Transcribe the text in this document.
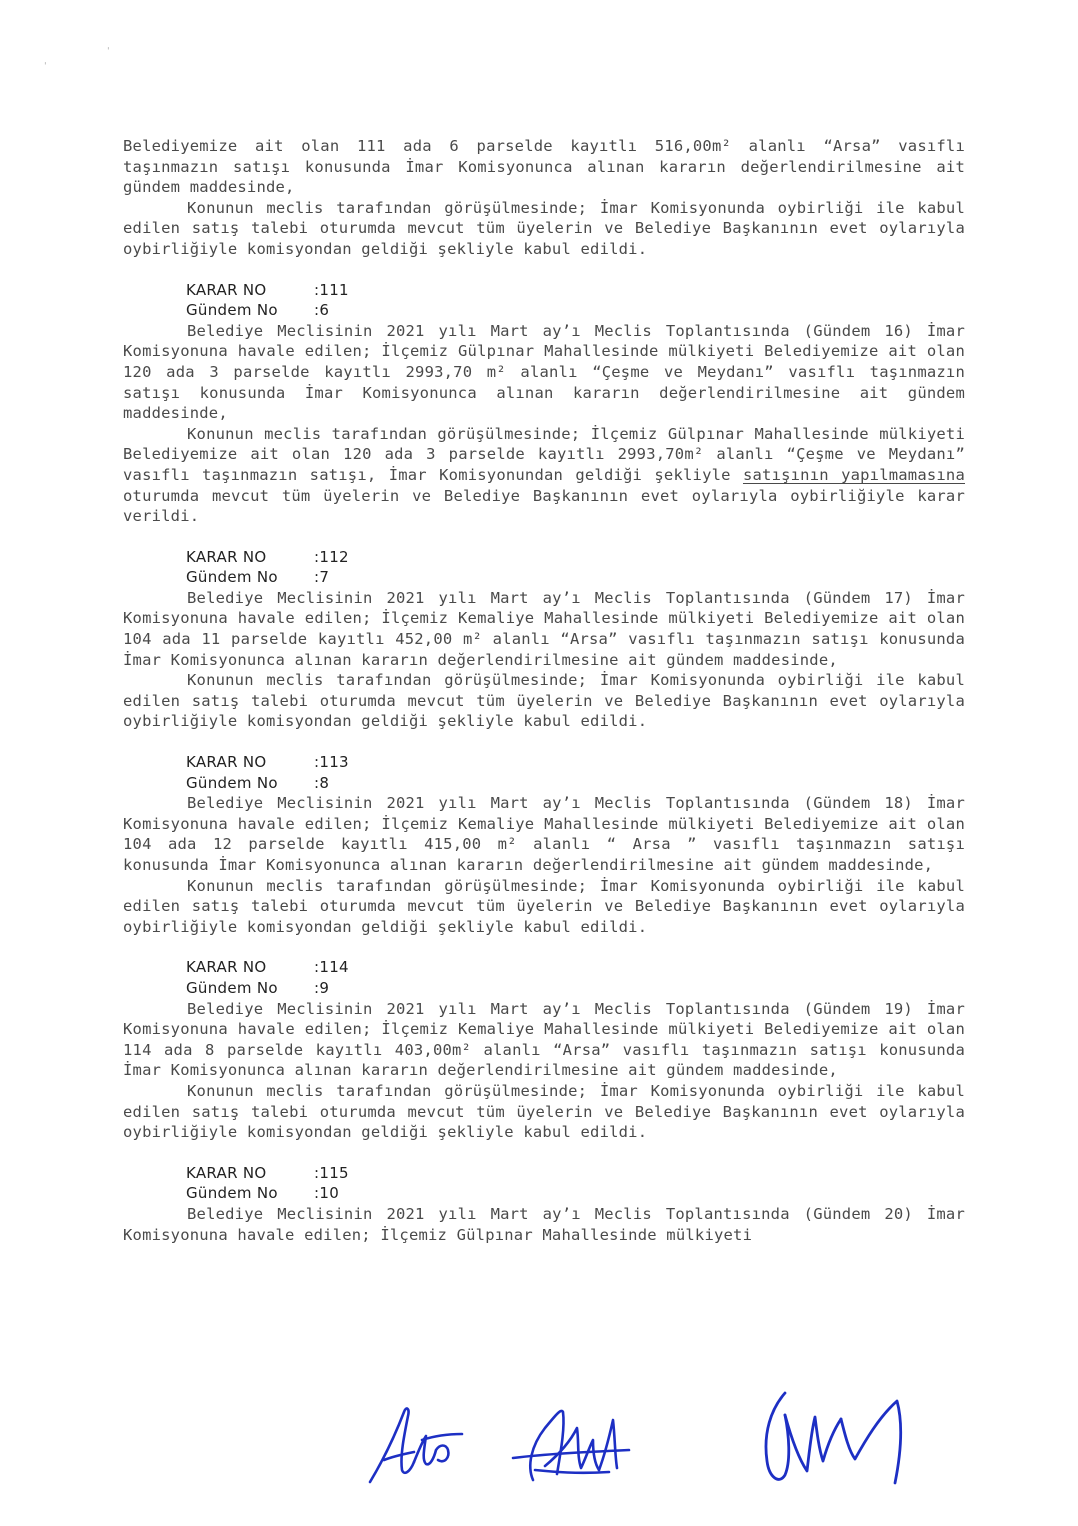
ˈ
ˈ

Belediyemize ait olan 111 ada 6 parselde kayıtlı 516,00m² alanlı “Arsa” vasıflı taşınmazın satışı konusunda İmar Komisyonunca alınan kararın değerlendirilmesine ait gündem maddesinde,

Konunun meclis tarafından görüşülmesinde; İmar Komisyonunda oybirliği ile kabul edilen satış talebi oturumda mevcut tüm üyelerin ve Belediye Başkanının evet oylarıyla oybirliğiyle komisyondan geldiği şekliyle kabul edildi.

KARAR NO	:111
Gündem No :6

Belediye Meclisinin 2021 yılı Mart ay’ı Meclis Toplantısında (Gündem 16) İmar Komisyonuna havale edilen; İlçemiz Gülpınar Mahallesinde mülkiyeti Belediyemize ait olan 120 ada 3 parselde kayıtlı 2993,70 m² alanlı “Çeşme ve Meydanı” vasıflı taşınmazın satışı konusunda İmar Komisyonunca alınan kararın değerlendirilmesine ait gündem maddesinde,

Konunun meclis tarafından görüşülmesinde; İlçemiz Gülpınar Mahallesinde mülkiyeti Belediyemize ait olan 120 ada 3 parselde kayıtlı 2993,70m² alanlı “Çeşme ve Meydanı” vasıflı taşınmazın satışı, İmar Komisyonundan geldiği şekliyle satışının yapılmamasına oturumda mevcut tüm üyelerin ve Belediye Başkanının evet oylarıyla oybirliğiyle karar verildi.

KARAR NO	:112
Gündem No :7

Belediye Meclisinin 2021 yılı Mart ay’ı Meclis Toplantısında (Gündem 17) İmar Komisyonuna havale edilen; İlçemiz Kemaliye Mahallesinde mülkiyeti Belediyemize ait olan 104 ada 11 parselde kayıtlı 452,00 m² alanlı “Arsa” vasıflı taşınmazın satışı konusunda İmar Komisyonunca alınan kararın değerlendirilmesine ait gündem maddesinde,

Konunun meclis tarafından görüşülmesinde; İmar Komisyonunda oybirliği ile kabul edilen satış talebi oturumda mevcut tüm üyelerin ve Belediye Başkanının evet oylarıyla oybirliğiyle komisyondan geldiği şekliyle kabul edildi.

KARAR NO	:113
Gündem No :8

Belediye Meclisinin 2021 yılı Mart ay’ı Meclis Toplantısında (Gündem 18) İmar Komisyonuna havale edilen; İlçemiz Kemaliye Mahallesinde mülkiyeti Belediyemize ait olan 104 ada 12 parselde kayıtlı 415,00 m² alanlı “ Arsa ” vasıflı taşınmazın satışı konusunda İmar Komisyonunca alınan kararın değerlendirilmesine ait gündem maddesinde,

Konunun meclis tarafından görüşülmesinde; İmar Komisyonunda oybirliği ile kabul edilen satış talebi oturumda mevcut tüm üyelerin ve Belediye Başkanının evet oylarıyla oybirliğiyle komisyondan geldiği şekliyle kabul edildi.

KARAR NO	:114
Gündem No :9

Belediye Meclisinin 2021 yılı Mart ay’ı Meclis Toplantısında (Gündem 19) İmar Komisyonuna havale edilen; İlçemiz Kemaliye Mahallesinde mülkiyeti Belediyemize ait olan 114 ada 8 parselde kayıtlı 403,00m² alanlı “Arsa” vasıflı taşınmazın satışı konusunda İmar Komisyonunca alınan kararın değerlendirilmesine ait gündem maddesinde,

Konunun meclis tarafından görüşülmesinde; İmar Komisyonunda oybirliği ile kabul edilen satış talebi oturumda mevcut tüm üyelerin ve Belediye Başkanının evet oylarıyla oybirliğiyle komisyondan geldiği şekliyle kabul edildi.

KARAR NO	:115
Gündem No :10

Belediye Meclisinin 2021 yılı Mart ay’ı Meclis Toplantısında (Gündem 20) İmar Komisyonuna havale edilen; İlçemiz Gülpınar Mahallesinde mülkiyeti
